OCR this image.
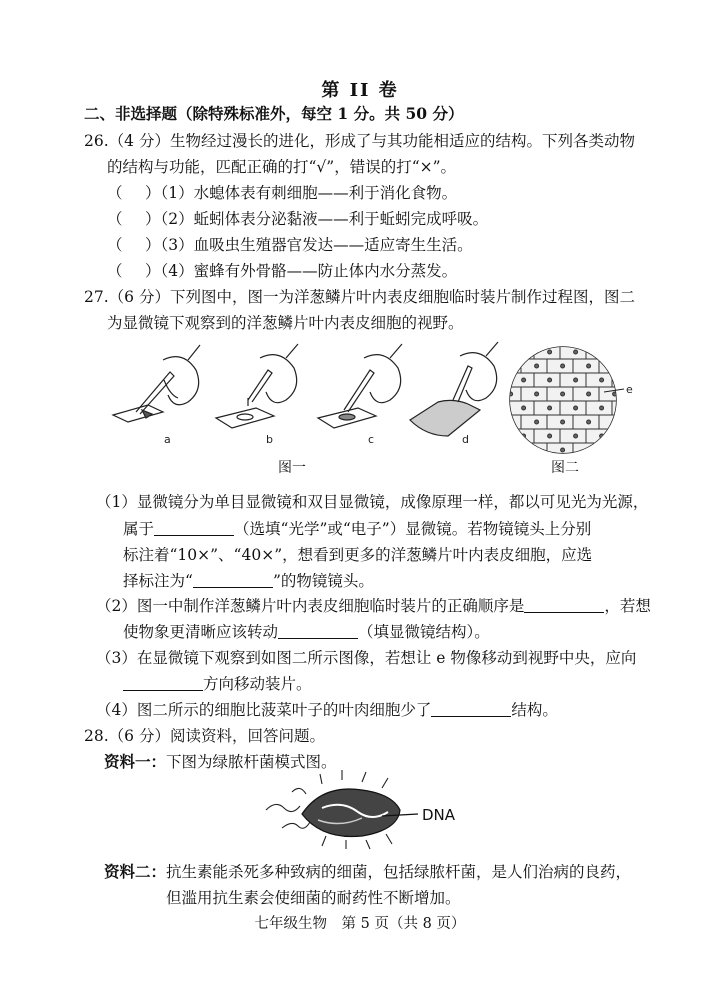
第 II 卷
二、非选择题（除特殊标准外，每空 1 分。共 50 分）
26.（4 分）生物经过漫长的进化，形成了与其功能相适应的结构。下列各类动物
的结构与功能，匹配正确的打“√”，错误的打“×”。
（ ）（1）水螅体表有刺细胞——利于消化食物。
（ ）（2）蚯蚓体表分泌黏液——利于蚯蚓完成呼吸。
（ ）（3）血吸虫生殖器官发达——适应寄生生活。
（ ）（4）蜜蜂有外骨骼——防止体内水分蒸发。
27.（6 分）下列图中，图一为洋葱鳞片叶内表皮细胞临时装片制作过程图，图二
为显微镜下观察到的洋葱鳞片叶内表皮细胞的视野。
a	b	c	d
图一
e
图二
（1）显微镜分为单目显微镜和双目显微镜，成像原理一样，都以可见光为光源，
属于	（选填“光学”或“电子”）显微镜。若物镜镜头上分别
标注着“10×”、“40×”，想看到更多的洋葱鳞片叶内表皮细胞，应选
择标注为“	”的物镜镜头。
（2）图一中制作洋葱鳞片叶内表皮细胞临时装片的正确顺序是	，若想
使物象更清晰应该转动	（填显微镜结构）。
（3）在显微镜下观察到如图二所示图像，若想让 e 物像移动到视野中央，应向
方向移动装片。
（4）图二所示的细胞比菠菜叶子的叶肉细胞少了	结构。
28.（6 分）阅读资料，回答问题。
资料一：下图为绿脓杆菌模式图。
DNA
资料二：抗生素能杀死多种致病的细菌，包括绿脓杆菌，是人们治病的良药，
但滥用抗生素会使细菌的耐药性不断增加。
七年级生物　第 5 页（共 8 页）
